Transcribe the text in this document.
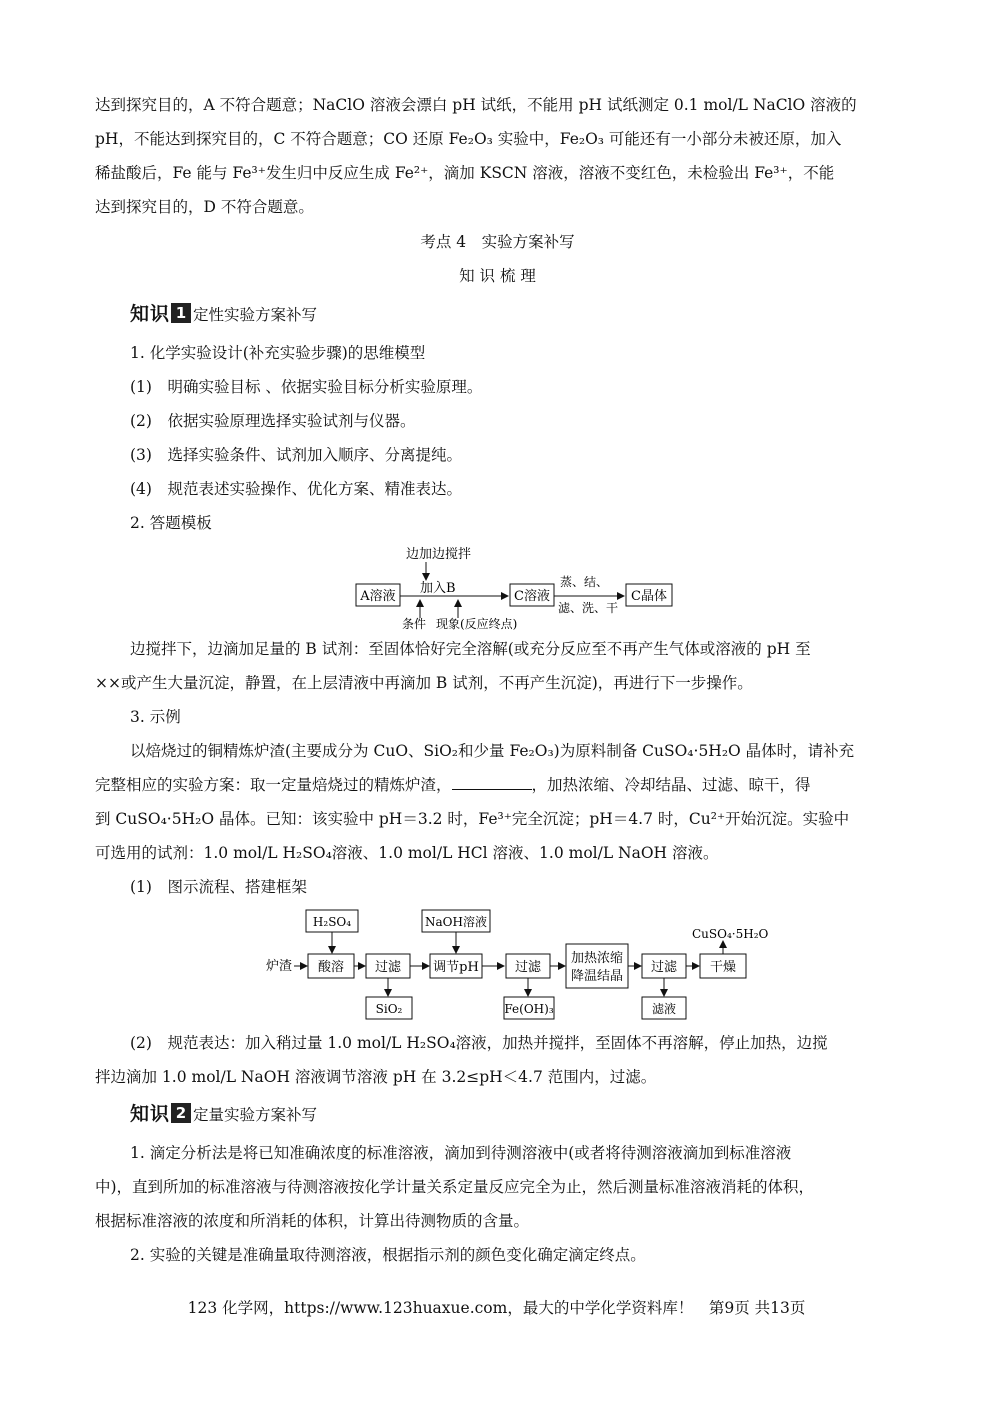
达到探究目的，A 不符合题意；NaClO 溶液会漂白 pH 试纸，不能用 pH 试纸测定 0.1 mol/L NaClO 溶液的
pH，不能达到探究目的，C 不符合题意；CO 还原 Fe₂O₃ 实验中，Fe₂O₃ 可能还有一小部分未被还原，加入
稀盐酸后，Fe 能与 Fe³⁺发生归中反应生成 Fe²⁺，滴加 KSCN 溶液，溶液不变红色，未检验出 Fe³⁺，不能
达到探究目的，D 不符合题意。
考点 4　实验方案补写
知 识 梳 理
知识 1 定性实验方案补写
1. 化学实验设计(补充实验步骤)的思维模型
(1)　明确实验目标 、依据实验目标分析实验原理。
(2)　依据实验原理选择实验试剂与仪器。
(3)　选择实验条件、试剂加入顺序、分离提纯。
(4)　规范表述实验操作、优化方案、精准表达。
2. 答题模板
边加边搅拌
加入B
A溶液
条件 现象(反应终点)
C溶液
蒸、结、
滤、洗、干
C晶体
边搅拌下，边滴加足量的 B 试剂：至固体恰好完全溶解(或充分反应至不再产生气体或溶液的 pH 至
××或产生大量沉淀，静置，在上层清液中再滴加 B 试剂，不再产生沉淀)，再进行下一步操作。
3. 示例
以焙烧过的铜精炼炉渣(主要成分为 CuO、SiO₂和少量 Fe₂O₃)为原料制备 CuSO₄·5H₂O 晶体时，请补充
完整相应的实验方案：取一定量焙烧过的精炼炉渣，	，加热浓缩、冷却结晶、过滤、晾干，得
到 CuSO₄·5H₂O 晶体。已知：该实验中 pH＝3.2 时，Fe³⁺完全沉淀；pH＝4.7 时，Cu²⁺开始沉淀。实验中
可选用的试剂：1.0 mol/L H₂SO₄溶液、1.0 mol/L HCl 溶液、1.0 mol/L NaOH 溶液。
(1)　图示流程、搭建框架
炉渣
H₂SO₄
酸溶 过滤
SiO₂
NaOH溶液
调节pH	过滤
Fe(OH)₃
加热浓缩
降温结晶
过滤
滤液
干燥
CuSO₄·5H₂O
(2)　规范表达：加入稍过量 1.0 mol/L H₂SO₄溶液，加热并搅拌，至固体不再溶解，停止加热，边搅
拌边滴加 1.0 mol/L NaOH 溶液调节溶液 pH 在 3.2≤pH＜4.7 范围内，过滤。
知识 2 定量实验方案补写
1. 滴定分析法是将已知准确浓度的标准溶液，滴加到待测溶液中(或者将待测溶液滴加到标准溶液
中)，直到所加的标准溶液与待测溶液按化学计量关系定量反应完全为止，然后测量标准溶液消耗的体积，
根据标准溶液的浓度和所消耗的体积，计算出待测物质的含量。
2. 实验的关键是准确量取待测溶液，根据指示剂的颜色变化确定滴定终点。
123 化学网，https://www.123huaxue.com，最大的中学化学资料库！　第9页 共13页
